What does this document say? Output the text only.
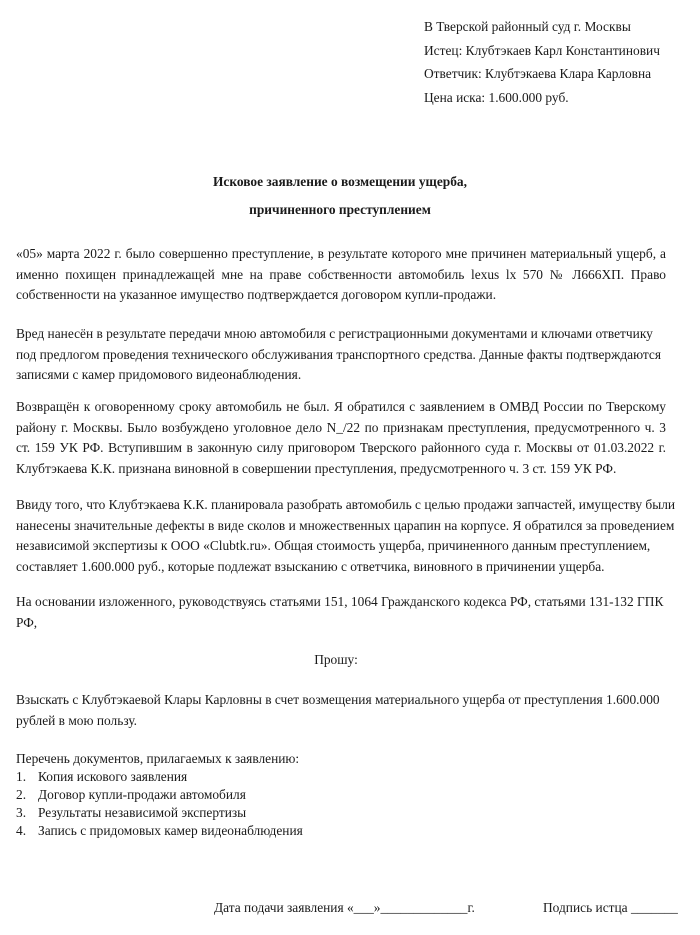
В Тверской районный суд г. Москвы
Истец: Клубтэкаев Карл Константинович
Ответчик: Клубтэкаева Клара Карловна
Цена иска: 1.600.000 руб.
Исковое заявление о возмещении ущерба,
причиненного преступлением
«05» марта 2022 г. было совершенно преступление, в результате которого мне причинен материальный ущерб, а
именно похищен принадлежащей мне на праве собственности автомобиль lexus lx 570 № Л666ХП. Право
собственности на указанное имущество подтверждается договором купли-продажи.
Вред нанесён в результате передачи мною автомобиля с регистрационными документами и ключами ответчику
под предлогом проведения технического обслуживания транспортного средства. Данные факты подтверждаются
записями с камер придомового видеонаблюдения.
Возвращён к оговоренному сроку автомобиль не был. Я обратился с заявлением в ОМВД России по Тверскому
району г. Москвы. Было возбуждено уголовное дело N_/22 по признакам преступления, предусмотренного ч. 3
ст. 159 УК РФ. Вступившим в законную силу приговором Тверского районного суда г. Москвы от 01.03.2022 г.
Клубтэкаева К.К. признана виновной в совершении преступления, предусмотренного ч. 3 ст. 159 УК РФ.
Ввиду того, что Клубтэкаева К.К. планировала разобрать автомобиль с целью продажи запчастей, имуществу были
нанесены значительные дефекты в виде сколов и множественных царапин на корпусе. Я обратился за проведением
независимой экспертизы к ООО «Clubtk.ru». Общая стоимость ущерба, причиненного данным преступлением,
составляет 1.600.000 руб., которые подлежат взысканию с ответчика, виновного в причинении ущерба.
На основании изложенного, руководствуясь статьями 151, 1064 Гражданского кодекса РФ, статьями 131-132 ГПК
РФ,
Прошу:
Взыскать с Клубтэкаевой Клары Карловны в счет возмещения материального ущерба от преступления 1.600.000
рублей в мою пользу.
Перечень документов, прилагаемых к заявлению:
1. Копия искового заявления
2. Договор купли-продажи автомобиля
3. Результаты независимой экспертизы
4. Запись с придомовых камер видеонаблюдения
Дата подачи заявления «___»_____________г.	Подпись истца _______
